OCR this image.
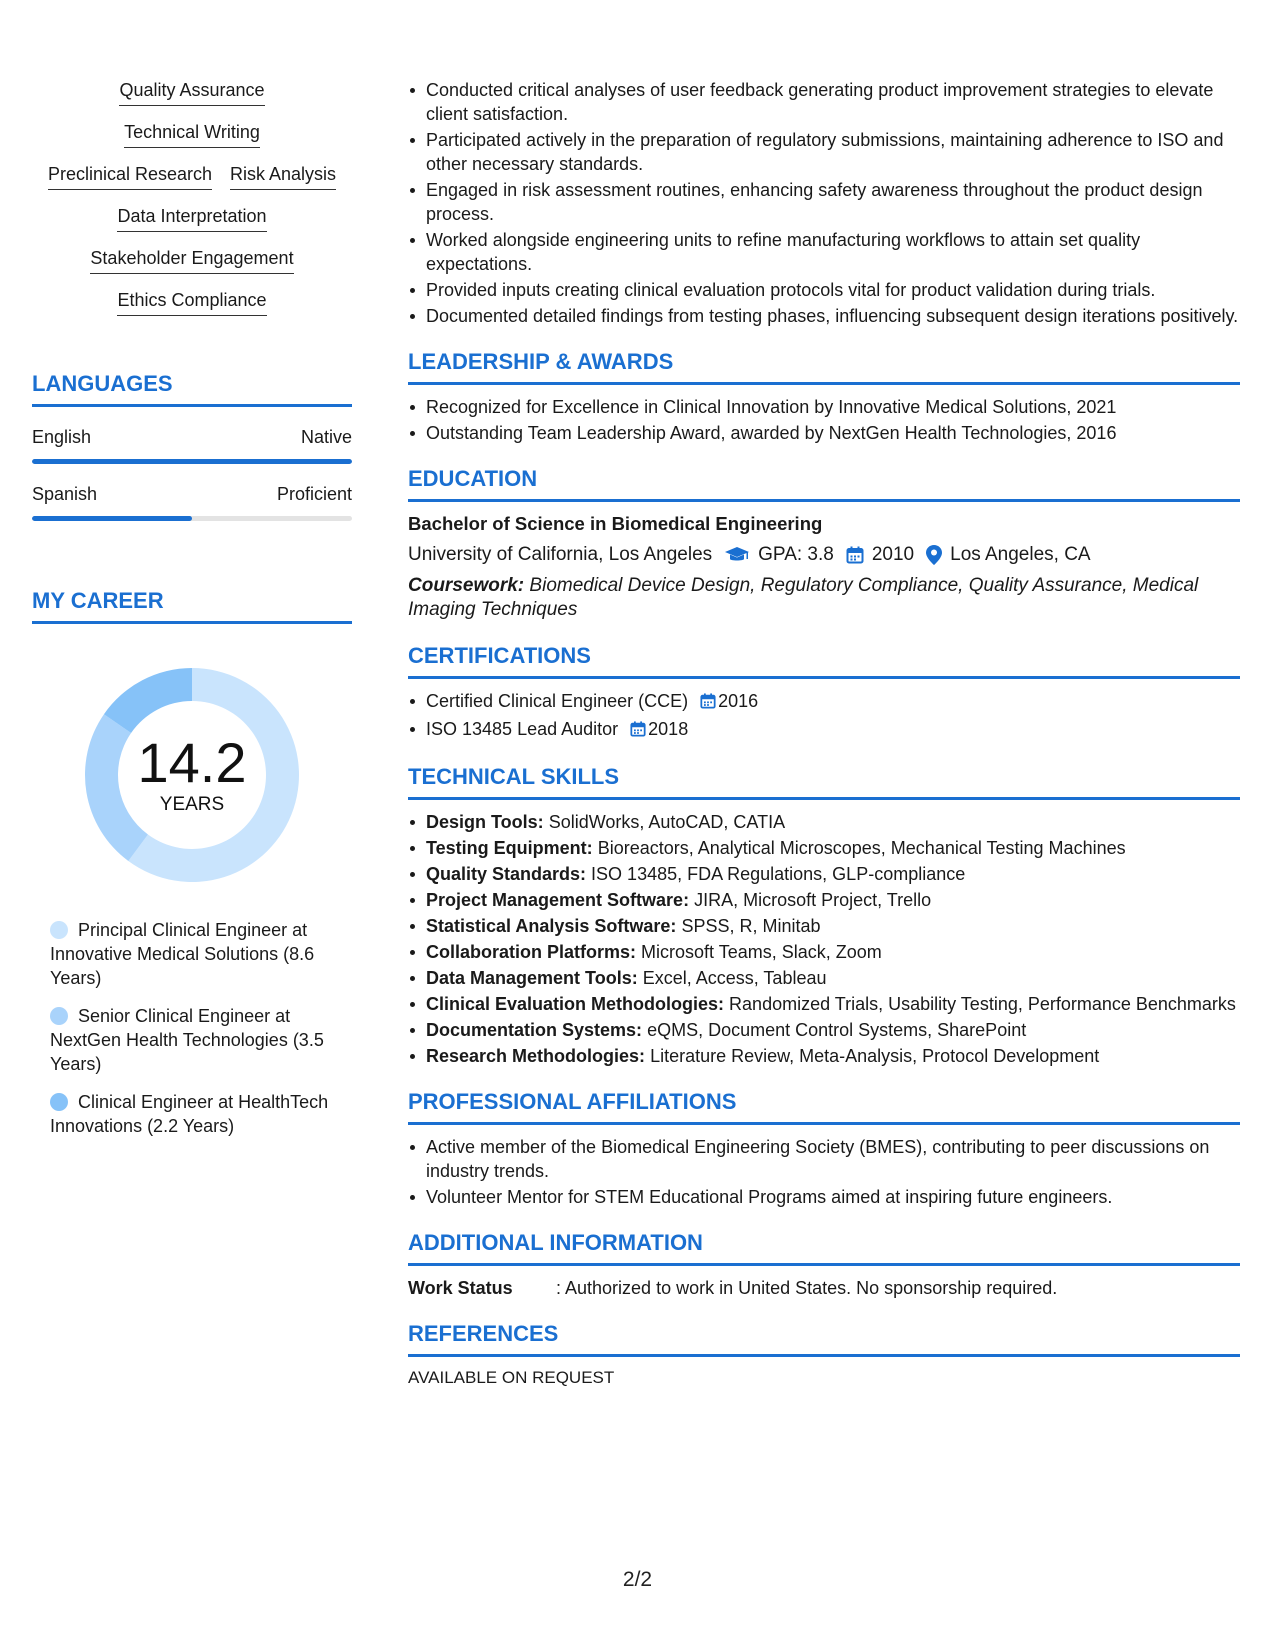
Quality Assurance
Technical Writing
Preclinical Research Risk Analysis
Data Interpretation
Stakeholder Engagement
Ethics Compliance
LANGUAGES
English	Native
Spanish	Proficient
MY CAREER
14.2
YEARS
Principal Clinical Engineer at Innovative Medical Solutions (8.6 Years)
Senior Clinical Engineer at NextGen Health Technologies (3.5 Years)
Clinical Engineer at HealthTech Innovations (2.2 Years)
Conducted critical analyses of user feedback generating product improvement strategies to elevate client satisfaction.
Participated actively in the preparation of regulatory submissions, maintaining adherence to ISO and other necessary standards.
Engaged in risk assessment routines, enhancing safety awareness throughout the product design process.
Worked alongside engineering units to refine manufacturing workflows to attain set quality expectations.
Provided inputs creating clinical evaluation protocols vital for product validation during trials.
Documented detailed findings from testing phases, influencing subsequent design iterations positively.
LEADERSHIP & AWARDS
Recognized for Excellence in Clinical Innovation by Innovative Medical Solutions, 2021
Outstanding Team Leadership Award, awarded by NextGen Health Technologies, 2016
EDUCATION
Bachelor of Science in Biomedical Engineering
University of California, Los Angeles GPA: 3.8 2010 Los Angeles, CA
Coursework: Biomedical Device Design, Regulatory Compliance, Quality Assurance, Medical Imaging Techniques
CERTIFICATIONS
Certified Clinical Engineer (CCE) 2016
ISO 13485 Lead Auditor 2018
TECHNICAL SKILLS
Design Tools: SolidWorks, AutoCAD, CATIA
Testing Equipment: Bioreactors, Analytical Microscopes, Mechanical Testing Machines
Quality Standards: ISO 13485, FDA Regulations, GLP-compliance
Project Management Software: JIRA, Microsoft Project, Trello
Statistical Analysis Software: SPSS, R, Minitab
Collaboration Platforms: Microsoft Teams, Slack, Zoom
Data Management Tools: Excel, Access, Tableau
Clinical Evaluation Methodologies: Randomized Trials, Usability Testing, Performance Benchmarks
Documentation Systems: eQMS, Document Control Systems, SharePoint
Research Methodologies: Literature Review, Meta-Analysis, Protocol Development
PROFESSIONAL AFFILIATIONS
Active member of the Biomedical Engineering Society (BMES), contributing to peer discussions on industry trends.
Volunteer Mentor for STEM Educational Programs aimed at inspiring future engineers.
ADDITIONAL INFORMATION
Work Status	: Authorized to work in United States. No sponsorship required.
REFERENCES
AVAILABLE ON REQUEST
2/2
